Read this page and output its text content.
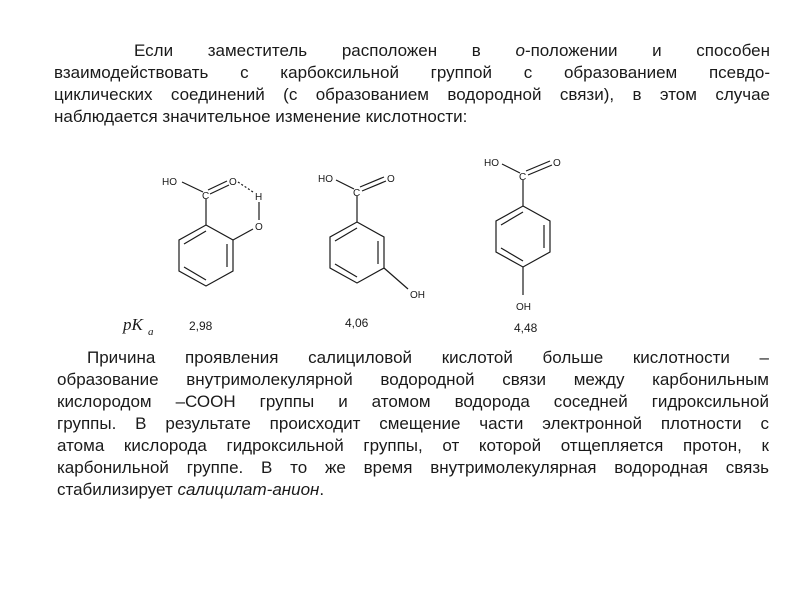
Если заместитель расположен в о-положении и способен
взаимодействовать с карбоксильной группой с образованием псевдо-
циклических соединений (с образованием водородной связи), в этом случае
наблюдается значительное изменение кислотности:
pK a
HO
C
O
H
O
2,98
HO
C
O
OH
4,06
HO
C
O
OH
4,48
Причина проявления салициловой кислотой больше кислотности –
образование внутримолекулярной водородной связи между карбонильным
кислородом –СООН группы и атомом водорода соседней гидроксильной
группы. В результате происходит смещение части электронной плотности с
атома кислорода гидроксильной группы, от которой отщепляется протон, к
карбонильной группе. В то же время внутримолекулярная водородная связь
стабилизирует салицилат-анион.
